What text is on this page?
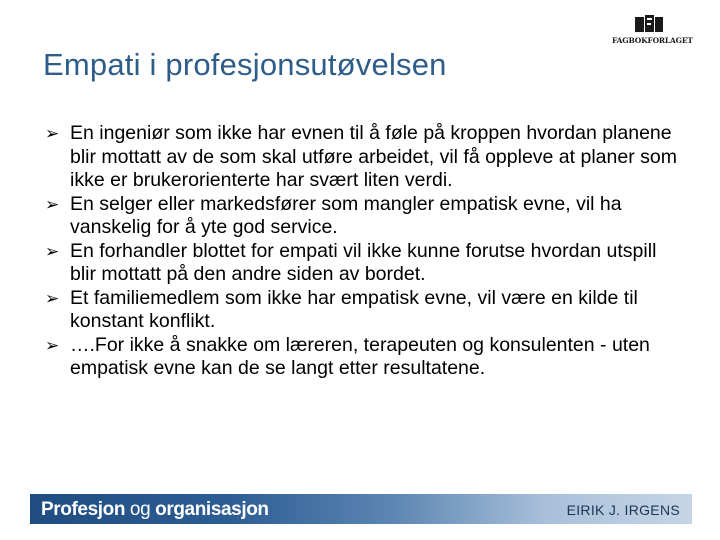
FAGBOKFORLAGET
Empati i profesjonsutøvelsen
➢ En ingeniør som ikke har evnen til å føle på kroppen hvordan planene blir mottatt av de som skal utføre arbeidet, vil få oppleve at planer som ikke er brukerorienterte har svært liten verdi.
➢ En selger eller markedsfører som mangler empatisk evne, vil ha vanskelig for å yte god service.
➢ En forhandler blottet for empati vil ikke kunne forutse hvordan utspill blir mottatt på den andre siden av bordet.
➢ Et familiemedlem som ikke har empatisk evne, vil være en kilde til konstant konflikt.
➢ ….For ikke å snakke om læreren, terapeuten og konsulenten - uten empatisk evne kan de se langt etter resultatene.
Profesjon og organisasjon	EIRIK J. IRGENS
